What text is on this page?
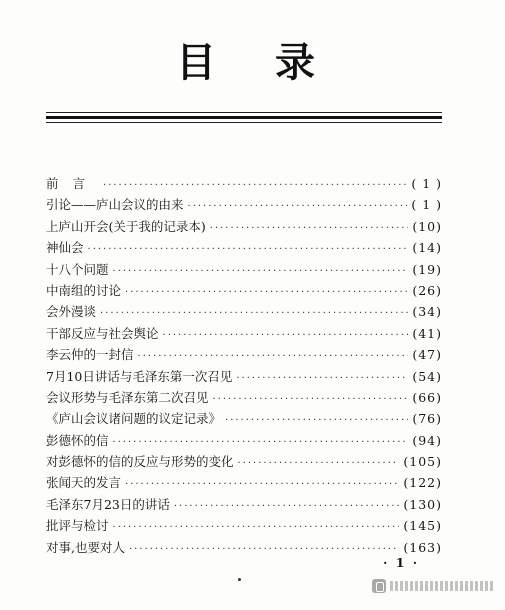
目 录
前言 ·····	( 1 )
引论——庐山会议的由来 ·····	( 1 )
上庐山开会(关于我的记录本) ·····	(10)
神仙会 ·····	(14)
十八个问题 ·····	(19)
中南组的讨论 ·····	(26)
会外漫谈 ·····	(34)
干部反应与社会舆论 ·····	(41)
李云仲的一封信 ·····	(47)
7月10日讲话与毛泽东第一次召见 ·····	(54)
会议形势与毛泽东第二次召见 ·····	(66)
《庐山会议诸问题的议定记录》 ·····	(76)
彭德怀的信 ·····	(94)
对彭德怀的信的反应与形势的变化 ·····	(105)
张闻天的发言 ·····	(122)
毛泽东7月23日的讲话 ·····	(130)
批评与检讨 ·····	(145)
对事,也要对人 ·····	(163)
· 1 ·
